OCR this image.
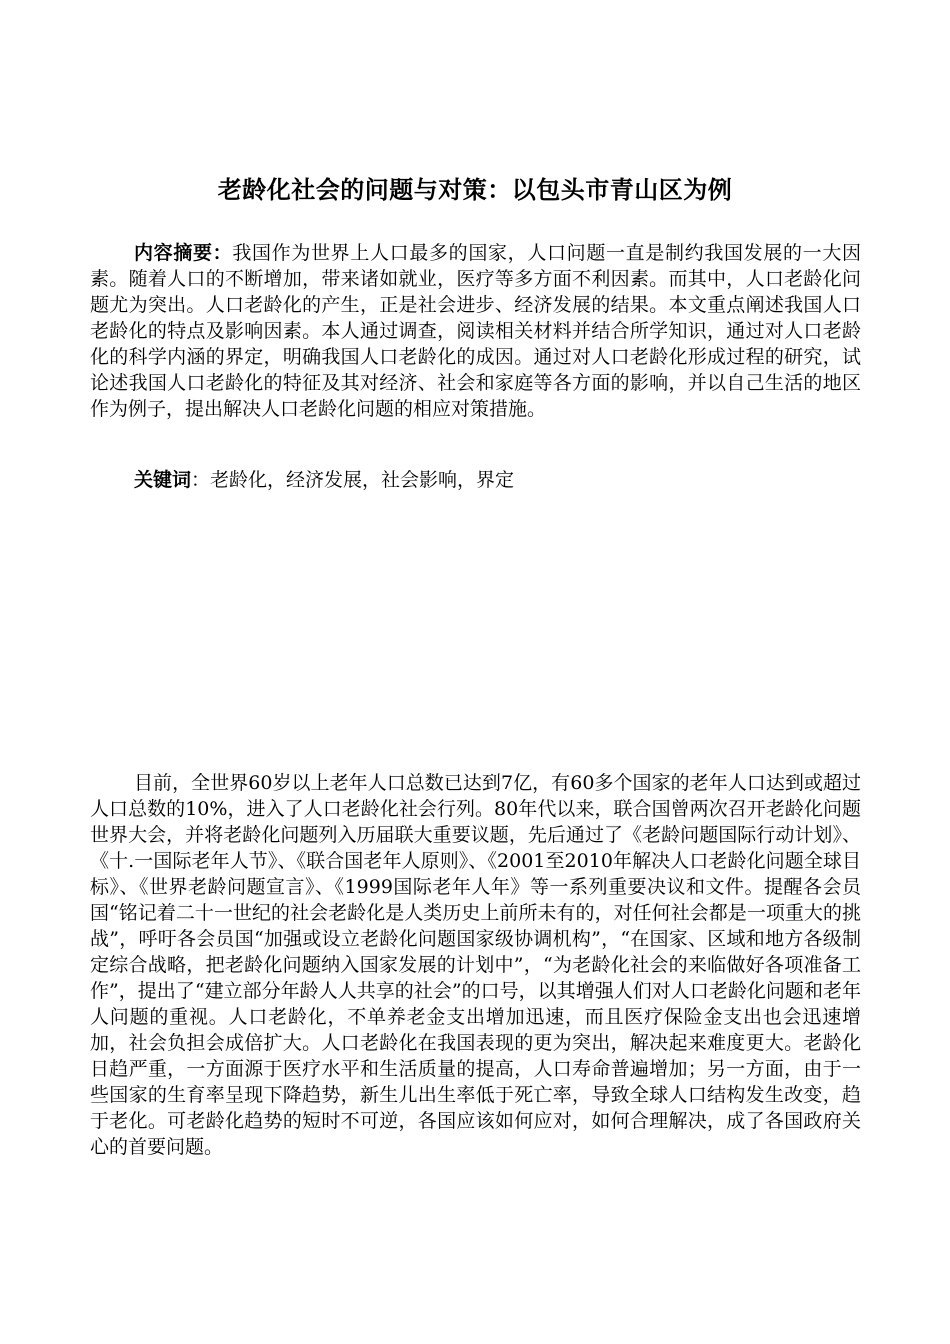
老龄化社会的问题与对策：以包头市青山区为例

内容摘要：我国作为世界上人口最多的国家，人口问题一直是制约我国发展的一大因素。随着人口的不断增加，带来诸如就业，医疗等多方面不利因素。而其中，人口老龄化问题尤为突出。人口老龄化的产生，正是社会进步、经济发展的结果。本文重点阐述我国人口老龄化的特点及影响因素。本人通过调查，阅读相关材料并结合所学知识，通过对人口老龄化的科学内涵的界定，明确我国人口老龄化的成因。通过对人口老龄化形成过程的研究，试论述我国人口老龄化的特征及其对经济、社会和家庭等各方面的影响，并以自己生活的地区作为例子，提出解决人口老龄化问题的相应对策措施。

关键词：老龄化，经济发展，社会影响，界定

目前，全世界60岁以上老年人口总数已达到7亿，有60多个国家的老年人口达到或超过人口总数的10%，进入了人口老龄化社会行列。80年代以来，联合国曾两次召开老龄化问题世界大会，并将老龄化问题列入历届联大重要议题，先后通过了《老龄问题国际行动计划》、《十.一国际老年人节》、《联合国老年人原则》、《2001至2010年解决人口老龄化问题全球目标》、《世界老龄问题宣言》、《1999国际老年人年》等一系列重要决议和文件。提醒各会员国“铭记着二十一世纪的社会老龄化是人类历史上前所未有的，对任何社会都是一项重大的挑战”，呼吁各会员国“加强或设立老龄化问题国家级协调机构”，“在国家、区域和地方各级制定综合战略，把老龄化问题纳入国家发展的计划中”，“为老龄化社会的来临做好各项准备工作”，提出了“建立部分年龄人人共享的社会”的口号，以其增强人们对人口老龄化问题和老年人问题的重视。人口老龄化，不单养老金支出增加迅速，而且医疗保险金支出也会迅速增加，社会负担会成倍扩大。人口老龄化在我国表现的更为突出，解决起来难度更大。老龄化日趋严重，一方面源于医疗水平和生活质量的提高，人口寿命普遍增加；另一方面，由于一些国家的生育率呈现下降趋势，新生儿出生率低于死亡率，导致全球人口结构发生改变，趋于老化。可老龄化趋势的短时不可逆，各国应该如何应对，如何合理解决，成了各国政府关心的首要问题。
